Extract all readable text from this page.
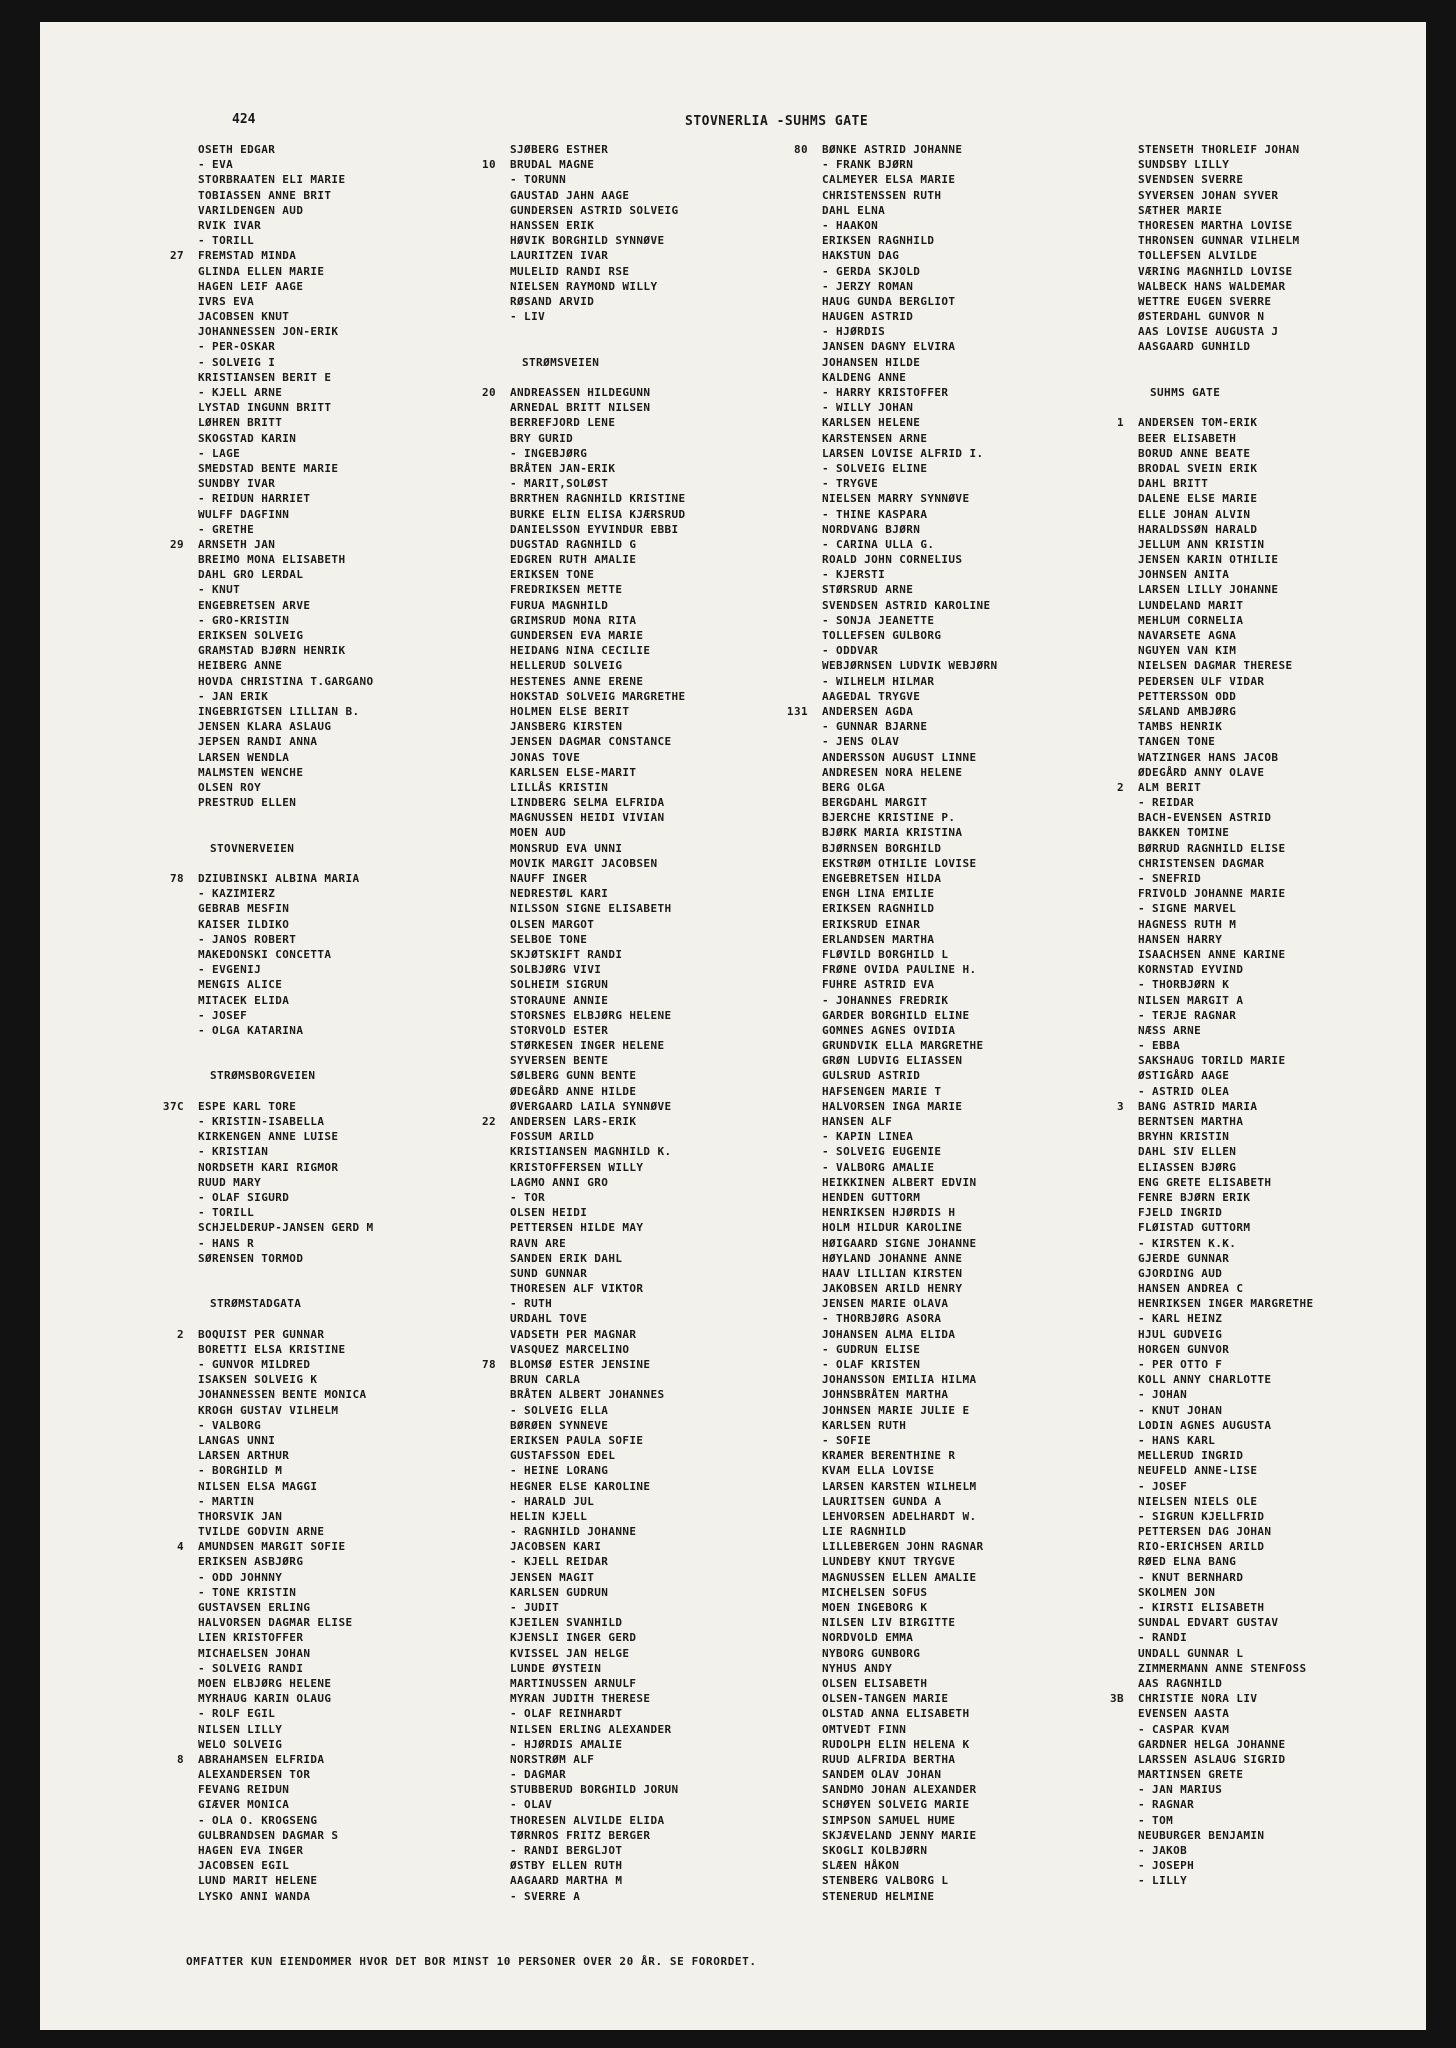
424	STOVNERLIA -SUHMS GATE
OSETH EDGAR
- EVA
STORBRAATEN ELI MARIE
TOBIASSEN ANNE BRIT
VARILDENGEN AUD
RVIK IVAR
- TORILL
27 FREMSTAD MINDA
GLINDA ELLEN MARIE
HAGEN LEIF AAGE
IVRS EVA
JACOBSEN KNUT
JOHANNESSEN JON-ERIK
- PER-OSKAR
- SOLVEIG I
KRISTIANSEN BERIT E
- KJELL ARNE
LYSTAD INGUNN BRITT
LØHREN BRITT
SKOGSTAD KARIN
- LAGE
SMEDSTAD BENTE MARIE
SUNDBY IVAR
- REIDUN HARRIET
WULFF DAGFINN
- GRETHE
29 ARNSETH JAN
BREIMO MONA ELISABETH
DAHL GRO LERDAL
- KNUT
ENGEBRETSEN ARVE
- GRO-KRISTIN
ERIKSEN SOLVEIG
GRAMSTAD BJØRN HENRIK
HEIBERG ANNE
HOVDA CHRISTINA T.GARGANO
- JAN ERIK
INGEBRIGTSEN LILLIAN B.
JENSEN KLARA ASLAUG
JEPSEN RANDI ANNA
LARSEN WENDLA
MALMSTEN WENCHE
OLSEN ROY
PRESTRUD ELLEN
STOVNERVEIEN
78 DZIUBINSKI ALBINA MARIA
- KAZIMIERZ
GEBRAB MESFIN
KAISER ILDIKO
- JANOS ROBERT
MAKEDONSKI CONCETTA
- EVGENIJ
MENGIS ALICE
MITACEK ELIDA
- JOSEF
- OLGA KATARINA
STRØMSBORGVEIEN
37C ESPE KARL TORE
- KRISTIN-ISABELLA
KIRKENGEN ANNE LUISE
- KRISTIAN
NORDSETH KARI RIGMOR
RUUD MARY
- OLAF SIGURD
- TORILL
SCHJELDERUP-JANSEN GERD M
- HANS R
SØRENSEN TORMOD
STRØMSTADGATA
2 BOQUIST PER GUNNAR
BORETTI ELSA KRISTINE
- GUNVOR MILDRED
ISAKSEN SOLVEIG K
JOHANNESSEN BENTE MONICA
KROGH GUSTAV VILHELM
- VALBORG
LANGAS UNNI
LARSEN ARTHUR
- BORGHILD M
NILSEN ELSA MAGGI
- MARTIN
THORSVIK JAN
TVILDE GODVIN ARNE
4 AMUNDSEN MARGIT SOFIE
ERIKSEN ASBJØRG
- ODD JOHNNY
- TONE KRISTIN
GUSTAVSEN ERLING
HALVORSEN DAGMAR ELISE
LIEN KRISTOFFER
MICHAELSEN JOHAN
- SOLVEIG RANDI
MOEN ELBJØRG HELENE
MYRHAUG KARIN OLAUG
- ROLF EGIL
NILSEN LILLY
WELO SOLVEIG
8 ABRAHAMSEN ELFRIDA
ALEXANDERSEN TOR
FEVANG REIDUN
GIÆVER MONICA
- OLA O. KROGSENG
GULBRANDSEN DAGMAR S
HAGEN EVA INGER
JACOBSEN EGIL
LUND MARIT HELENE
LYSKO ANNI WANDA
SJØBERG ESTHER
10 BRUDAL MAGNE
- TORUNN
GAUSTAD JAHN AAGE
GUNDERSEN ASTRID SOLVEIG
HANSSEN ERIK
HØVIK BORGHILD SYNNØVE
LAURITZEN IVAR
MULELID RANDI RSE
NIELSEN RAYMOND WILLY
RØSAND ARVID
- LIV
STRØMSVEIEN
20 ANDREASSEN HILDEGUNN
ARNEDAL BRITT NILSEN
BERREFJORD LENE
BRY GURID
- INGEBJØRG
BRÅTEN JAN-ERIK
- MARIT,SOLØST
BRRTHEN RAGNHILD KRISTINE
BURKE ELIN ELISA KJÆRSRUD
DANIELSSON EYVINDUR EBBI
DUGSTAD RAGNHILD G
EDGREN RUTH AMALIE
ERIKSEN TONE
FREDRIKSEN METTE
FURUA MAGNHILD
GRIMSRUD MONA RITA
GUNDERSEN EVA MARIE
HEIDANG NINA CECILIE
HELLERUD SOLVEIG
HESTENES ANNE ERENE
HOKSTAD SOLVEIG MARGRETHE
HOLMEN ELSE BERIT
JANSBERG KIRSTEN
JENSEN DAGMAR CONSTANCE
JONAS TOVE
KARLSEN ELSE-MARIT
LILLÅS KRISTIN
LINDBERG SELMA ELFRIDA
MAGNUSSEN HEIDI VIVIAN
MOEN AUD
MONSRUD EVA UNNI
MOVIK MARGIT JACOBSEN
NAUFF INGER
NEDRESTØL KARI
NILSSON SIGNE ELISABETH
OLSEN MARGOT
SELBOE TONE
SKJØTSKIFT RANDI
SOLBJØRG VIVI
SOLHEIM SIGRUN
STORAUNE ANNIE
STORSNES ELBJØRG HELENE
STORVOLD ESTER
STØRKESEN INGER HELENE
SYVERSEN BENTE
SØLBERG GUNN BENTE
ØDEGÅRD ANNE HILDE
ØVERGAARD LAILA SYNNØVE
22 ANDERSEN LARS-ERIK
FOSSUM ARILD
KRISTIANSEN MAGNHILD K.
KRISTOFFERSEN WILLY
LAGMO ANNI GRO
- TOR
OLSEN HEIDI
PETTERSEN HILDE MAY
RAVN ARE
SANDEN ERIK DAHL
SUND GUNNAR
THORESEN ALF VIKTOR
- RUTH
URDAHL TOVE
VADSETH PER MAGNAR
VASQUEZ MARCELINO
78 BLOMSØ ESTER JENSINE
BRUN CARLA
BRÅTEN ALBERT JOHANNES
- SOLVEIG ELLA
BØRØEN SYNNEVE
ERIKSEN PAULA SOFIE
GUSTAFSSON EDEL
- HEINE LORANG
HEGNER ELSE KAROLINE
- HARALD JUL
HELIN KJELL
- RAGNHILD JOHANNE
JACOBSEN KARI
- KJELL REIDAR
JENSEN MAGIT
KARLSEN GUDRUN
- JUDIT
KJEILEN SVANHILD
KJENSLI INGER GERD
KVISSEL JAN HELGE
LUNDE ØYSTEIN
MARTINUSSEN ARNULF
MYRAN JUDITH THERESE
- OLAF REINHARDT
NILSEN ERLING ALEXANDER
- HJØRDIS AMALIE
NORSTRØM ALF
- DAGMAR
STUBBERUD BORGHILD JORUN
- OLAV
THORESEN ALVILDE ELIDA
TØRNROS FRITZ BERGER
- RANDI BERGLJOT
ØSTBY ELLEN RUTH
AAGAARD MARTHA M
- SVERRE A
80 BØNKE ASTRID JOHANNE
- FRANK BJØRN
CALMEYER ELSA MARIE
CHRISTENSSEN RUTH
DAHL ELNA
- HAAKON
ERIKSEN RAGNHILD
HAKSTUN DAG
- GERDA SKJOLD
- JERZY ROMAN
HAUG GUNDA BERGLIOT
HAUGEN ASTRID
- HJØRDIS
JANSEN DAGNY ELVIRA
JOHANSEN HILDE
KALDENG ANNE
- HARRY KRISTOFFER
- WILLY JOHAN
KARLSEN HELENE
KARSTENSEN ARNE
LARSEN LOVISE ALFRID I.
- SOLVEIG ELINE
- TRYGVE
NIELSEN MARRY SYNNØVE
- THINE KASPARA
NORDVANG BJØRN
- CARINA ULLA G.
ROALD JOHN CORNELIUS
- KJERSTI
STØRSRUD ARNE
SVENDSEN ASTRID KAROLINE
- SONJA JEANETTE
TOLLEFSEN GULBORG
- ODDVAR
WEBJØRNSEN LUDVIK WEBJØRN
- WILHELM HILMAR
AAGEDAL TRYGVE
131 ANDERSEN AGDA
- GUNNAR BJARNE
- JENS OLAV
ANDERSSON AUGUST LINNE
ANDRESEN NORA HELENE
BERG OLGA
BERGDAHL MARGIT
BJERCHE KRISTINE P.
BJØRK MARIA KRISTINA
BJØRNSEN BORGHILD
EKSTRØM OTHILIE LOVISE
ENGEBRETSEN HILDA
ENGH LINA EMILIE
ERIKSEN RAGNHILD
ERIKSRUD EINAR
ERLANDSEN MARTHA
FLØVILD BORGHILD L
FRØNE OVIDA PAULINE H.
FUHRE ASTRID EVA
- JOHANNES FREDRIK
GARDER BORGHILD ELINE
GOMNES AGNES OVIDIA
GRUNDVIK ELLA MARGRETHE
GRØN LUDVIG ELIASSEN
GULSRUD ASTRID
HAFSENGEN MARIE T
HALVORSEN INGA MARIE
HANSEN ALF
- KAPIN LINEA
- SOLVEIG EUGENIE
- VALBORG AMALIE
HEIKKINEN ALBERT EDVIN
HENDEN GUTTORM
HENRIKSEN HJØRDIS H
HOLM HILDUR KAROLINE
HØIGAARD SIGNE JOHANNE
HØYLAND JOHANNE ANNE
HAAV LILLIAN KIRSTEN
JAKOBSEN ARILD HENRY
JENSEN MARIE OLAVA
- THORBJØRG ASORA
JOHANSEN ALMA ELIDA
- GUDRUN ELISE
- OLAF KRISTEN
JOHANSSON EMILIA HILMA
JOHNSBRÅTEN MARTHA
JOHNSEN MARIE JULIE E
KARLSEN RUTH
- SOFIE
KRAMER BERENTHINE R
KVAM ELLA LOVISE
LARSEN KARSTEN WILHELM
LAURITSEN GUNDA A
LEHVORSEN ADELHARDT W.
LIE RAGNHILD
LILLEBERGEN JOHN RAGNAR
LUNDEBY KNUT TRYGVE
MAGNUSSEN ELLEN AMALIE
MICHELSEN SOFUS
MOEN INGEBORG K
NILSEN LIV BIRGITTE
NORDVOLD EMMA
NYBORG GUNBORG
NYHUS ANDY
OLSEN ELISABETH
OLSEN-TANGEN MARIE
OLSTAD ANNA ELISABETH
OMTVEDT FINN
RUDOLPH ELIN HELENA K
RUUD ALFRIDA BERTHA
SANDEM OLAV JOHAN
SANDMO JOHAN ALEXANDER
SCHØYEN SOLVEIG MARIE
SIMPSON SAMUEL HUME
SKJÆVELAND JENNY MARIE
SKOGLI KOLBJØRN
SLÆEN HÅKON
STENBERG VALBORG L
STENERUD HELMINE
STENSETH THORLEIF JOHAN
SUNDSBY LILLY
SVENDSEN SVERRE
SYVERSEN JOHAN SYVER
SÆTHER MARIE
THORESEN MARTHA LOVISE
THRONSEN GUNNAR VILHELM
TOLLEFSEN ALVILDE
VÆRING MAGNHILD LOVISE
WALBECK HANS WALDEMAR
WETTRE EUGEN SVERRE
ØSTERDAHL GUNVOR N
AAS LOVISE AUGUSTA J
AASGAARD GUNHILD
SUHMS GATE
1 ANDERSEN TOM-ERIK
BEER ELISABETH
BORUD ANNE BEATE
BRODAL SVEIN ERIK
DAHL BRITT
DALENE ELSE MARIE
ELLE JOHAN ALVIN
HARALDSSØN HARALD
JELLUM ANN KRISTIN
JENSEN KARIN OTHILIE
JOHNSEN ANITA
LARSEN LILLY JOHANNE
LUNDELAND MARIT
MEHLUM CORNELIA
NAVARSETE AGNA
NGUYEN VAN KIM
NIELSEN DAGMAR THERESE
PEDERSEN ULF VIDAR
PETTERSSON ODD
SÆLAND AMBJØRG
TAMBS HENRIK
TANGEN TONE
WATZINGER HANS JACOB
ØDEGÅRD ANNY OLAVE
2 ALM BERIT
- REIDAR
BACH-EVENSEN ASTRID
BAKKEN TOMINE
BØRRUD RAGNHILD ELISE
CHRISTENSEN DAGMAR
- SNEFRID
FRIVOLD JOHANNE MARIE
- SIGNE MARVEL
HAGNESS RUTH M
HANSEN HARRY
ISAACHSEN ANNE KARINE
KORNSTAD EYVIND
- THORBJØRN K
NILSEN MARGIT A
- TERJE RAGNAR
NÆSS ARNE
- EBBA
SAKSHAUG TORILD MARIE
ØSTIGÅRD AAGE
- ASTRID OLEA
3 BANG ASTRID MARIA
BERNTSEN MARTHA
BRYHN KRISTIN
DAHL SIV ELLEN
ELIASSEN BJØRG
ENG GRETE ELISABETH
FENRE BJØRN ERIK
FJELD INGRID
FLØISTAD GUTTORM
- KIRSTEN K.K.
GJERDE GUNNAR
GJORDING AUD
HANSEN ANDREA C
HENRIKSEN INGER MARGRETHE
- KARL HEINZ
HJUL GUDVEIG
HORGEN GUNVOR
- PER OTTO F
KOLL ANNY CHARLOTTE
- JOHAN
- KNUT JOHAN
LODIN AGNES AUGUSTA
- HANS KARL
MELLERUD INGRID
NEUFELD ANNE-LISE
- JOSEF
NIELSEN NIELS OLE
- SIGRUN KJELLFRID
PETTERSEN DAG JOHAN
RIO-ERICHSEN ARILD
RØED ELNA BANG
- KNUT BERNHARD
SKOLMEN JON
- KIRSTI ELISABETH
SUNDAL EDVART GUSTAV
- RANDI
UNDALL GUNNAR L
ZIMMERMANN ANNE STENFOSS
AAS RAGNHILD
3B CHRISTIE NORA LIV
EVENSEN AASTA
- CASPAR KVAM
GARDNER HELGA JOHANNE
LARSSEN ASLAUG SIGRID
MARTINSEN GRETE
- JAN MARIUS
- RAGNAR
- TOM
NEUBURGER BENJAMIN
- JAKOB
- JOSEPH
- LILLY
OMFATTER KUN EIENDOMMER HVOR DET BOR MINST 10 PERSONER OVER 20 ÅR. SE FORORDET.
